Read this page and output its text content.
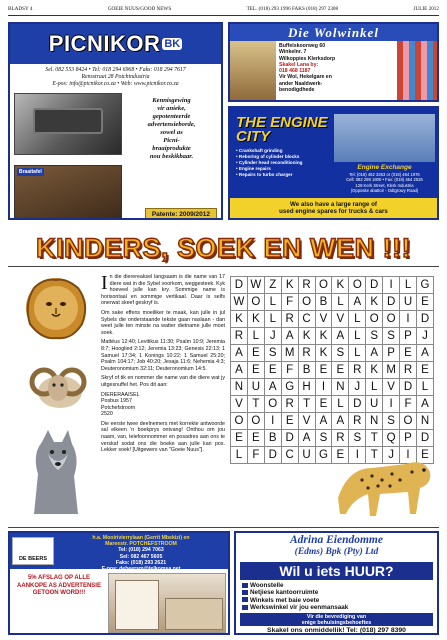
BLADSY 4	GOEIE NUUS/GOOD NEWS	TEL. (018) 293 1996 FAKS (018) 297 2308	JULIE 2012
PICNIKOR BK
Sel. 082 553 8424 • Tel: 018 294 6968 • Faks: 018 294 7617
Rensstraat 28 Potchindustria
E-pos: info@picnikor.co.za • Web: www.picnikor.co.za
Kennisgewing
vir anieke,
gepotenteerde
advertensieborde,
sowel as
Picni-
braaiprodukte
nou beskikbaar.
Braaitafel
Patente: 2009/2012
Die Wolwinkel
Buffelskoorweg 60
Winkelnr. 7
Wilkoppies Klerksdorp
Skakel Lana by:
018 468 1187
Vir Wol, Hekelgare en
ander Naaldwerk-
benodigdhede
THE ENGINE CITY
• Crankshaft grinding
• Reboring of cylinder blocks
• Cylinder head reconditioning
• Engine repairs
• Repairs to turbo charger
Engine Exchange
Tel: (018) 462 3253 or (018) 464 1976
Cell: 082 298 1800 • Fax: (018) 464 2535
128 Kerk Street, Klerk Industria
(Opposite abattoir - Odtgrowy Road)
We also have a large range of
used engine spares for trucks & cars
KINDERS, SOEK EN WEN !!!

In die dierereaksel langsaam is die name van 17 diere wat in die Sybel voorkom, weggesteek. Kyk hoeveel julle kan kry. Sommige name is horisontaal en sommige vertikaal. Daar is selfs onerwat skeef geskryf is.

Om sake effens moeiliker te maak, kan julle in jul Sybels die onderstaande tekste gaan naslaan - dan weet julle ten minste na watter dietname julle moet soek.

Mattéus 12:40; Levitikus 11:30; Psalm 10:9; Jeremia 8:7; Hooglied 2:12; Jeremia 13:23; Genesis 22:13; 1 Samuel 17:34; 1 Konings 10:22; 1 Samuel 25:20; Psalm 104:17; Job 40:20; Jesaja 11:6; Nehemia 4:3; Deuteronomium 32:11; Deuteronomium 14:5.

Skryf of tik en nommer die name van die diere wat jy uitgesnuffel het. Pos dit aan:

DIERERAAISEL
Posbus 1957
Potchefstroom
2520

Die eerste twee deelnemers met korrekte antwoorde sal elkeen 'n boekprys ontvang! Onthou om jou naam, van, telefoonnommer en posadres aan ons te verskaf sodat ons die boeke aan julle kan pos. Lekker soek! [Uitgewers van "Goeie Nuus"].

D	W	Z	K	R	O	K	O	D	I	L	G
W	O	L	F	O	B	L	A	K	D	U	E
K	K	L	R	C	V	V	L	O	O	I	D
R	L	J	A	K	K	A	L	S	S	P	J
A	E	S	M	R	K	S	L	A	P	E	A
A	E	E	F	B	E	E	R	K	M	R	E
N	U	A	G	H	I	N	J	L	V	D	L
V	T	O	R	T	E	L	D	U	I	F	A
O	O	I	E	V	A	A	R	N	S	O	N
E	E	B	D	A	S	R	S	T	Q	P	D
L	F	D	C	U	G	E	I	T	J	I	E
DE BEERS
h.a. Mooirivierrylaan (Gerrit Mbekizi) en
Mareestr. POTCHEFSTROOM
Tel: (018) 294 7063
Sel: 082 467 5605
Faks: (018) 293 2621
E-pos: debeersm@telkomsa.net
5% AFSLAG OP ALLE
AANKOPE AS ADVERTENSIE
GETOON WORD!!!
Adrina Eiendomme
(Edms) Bpk (Pty) Ltd
Wil u iets HUUR?
Woonstelle
Netjiese kantoorruimte
Winkels met baie voete
Werkswinkel vir jou eenmansaak
Vir die bevrediging van
enige behuisingsbehoeftes
Skakel ons onmiddellik! Tel: (018) 297 8390
